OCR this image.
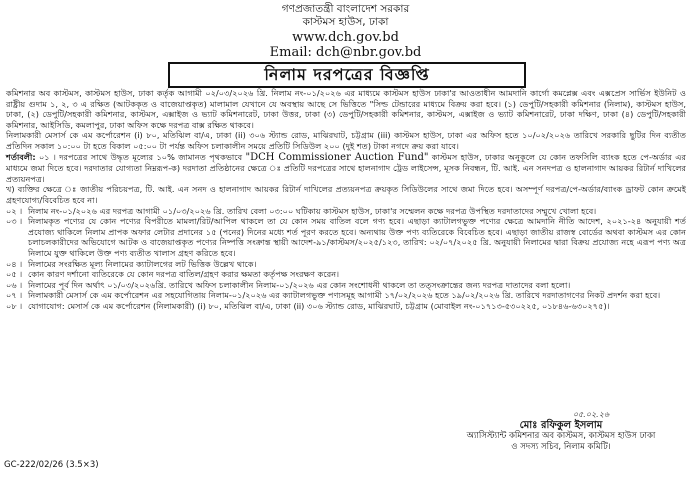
গণপ্রজাতন্ত্রী বাংলাদেশ সরকার
কাস্টমস হাউস, ঢাকা
www.dch.gov.bd
Email: dch@nbr.gov.bd
নিলাম দরপত্রের বিজ্ঞপ্তি

কমিশনার অব কাস্টমস, কাস্টমস হাউস, ঢাকা কর্তৃক আগামী ০২/০৩/২০২৬ খ্রি. নিলাম নং-০১/২০২৬ এর মাধ্যমে কাস্টমস হাউস ঢাকা'র আওতাধীন আমদানি কার্গো কমপ্লেক্স এবং এক্সপ্রেস সার্ভিস ইউনিট ও রাষ্ট্রীয় গুদাম ১, ২, ৩ এ রক্ষিত (আটককৃত ও বাজেয়াপ্তকৃত) মালামাল যেখানে যে অবস্থায় আছে সে ভিত্তিতে "সিল্ড টেন্ডারের মাধ্যমে বিক্রয় করা হবে। (১) ডেপুটি/সহকারী কমিশনার (নিলাম), কাস্টমস হাউস, ঢাকা, (২) ডেপুটি/সহকারী কমিশনার, কাস্টমস, এক্সাইজ ও ভ্যাট কমিশনারেট, ঢাকা উত্তর, ঢাকা (৩) ডেপুটি/সহকারী কমিশনার, কাস্টমস, এক্সাইজ ও ভ্যাট কমিশনারেট, ঢাকা দক্ষিণ, ঢাকা (৪) ডেপুটি/সহকারী কমিশনার, আইসিডি, কমলাপুর, ঢাকা অফিস কক্ষে দরপত্র বাক্স রক্ষিত থাকবে।

নিলামকারী মেসার্স কে এম কর্পোরেশন (i) ৮০, মতিঝিল বা/এ, ঢাকা (ii) ৩০৬ স্ট্যান্ড রোড, মাঝিরঘাট, চট্টগ্রাম (iii) কাস্টমস হাউস, ঢাকা এর অফিস হতে ১০/০২/২০২৬ তারিখে সরকারি ছুটির দিন ব্যতীত প্রতিদিন সকাল ১০:০০ টা হতে বিকাল ০৫:০০ টা পর্যন্ত অফিস চলাকালীন সময়ে প্রতিটি সিডিউল ২০০ (দুই শত) টাকা নগদে ক্রয় করা যাবে।

শর্তাবলী: ০১ । দরপত্রের সাথে উদ্ধৃত মূল্যের ১০% জামানত পৃথকভাবে "DCH Commissioner Auction Fund" কাস্টমস হাউস, ঢাকার অনুকূলে যে কোন তফসিলি ব্যাংক হতে পে-অর্ডার এর মাধ্যমে জমা দিতে হবে। দরদাতার যোগ্যতা নিম্নরূপ-ক) দরদাতা প্রতিষ্ঠানের ক্ষেত্রে ঃ প্রতিটি দরপত্রের সাথে হালনাগাদ ট্রেড লাইসেন্স, মূসক নিবন্ধন, টি. আই. এন সনদপত্র ও হালনাগাদ আয়কর রিটার্ন দাখিলের প্রত্যয়নপত্র।

খ) ব্যক্তির ক্ষেত্রে ঃ জাতীয় পরিচয়পত্র, টি. আই. এন সনদ ও হালনাগাদ আয়কর রিটার্ন দাখিলের প্রত্যয়নপত্র ক্রয়কৃত সিডিউলের সাথে জমা দিতে হবে। অসম্পূর্ণ দরপত্র/পে-অর্ডার/ব্যাংক ড্রাফট কোন ক্রমেই গ্রহণযোগ্য/বিবেচিত হবে না।

০২ । নিলাম নং-০১/২০২৬ এর দরপত্র আগামী ০১/০৩/২০২৬ খ্রি. তারিখ বেলা ০৩:০০ ঘটিকায় কাস্টমস হাউস, ঢাকা'র সম্মেলন কক্ষে দরপত্র উপস্থিত দরদাতাদের সম্মুখে খোলা হবে।
০৩ । নিলামকৃত পণ্যের যে কোন পণ্যের বিপরীতে মামলা/রিট/আপিল থাকলে তা যে কোন সময় বাতিল বলে গণ্য হবে। এছাড়া ক্যাটালগভুক্ত পণ্যের ক্ষেত্রে আমদানি নীতি আদেশ, ২০২১-২৪ অনুযায়ী শর্ত প্রযোজ্য থাকিলে নিলাম প্রাপক অফার লেটার প্রদানের ১৫ (পনের) দিনের মধ্যে শর্ত পূরণ করতে হবে। অন্যথায় উক্ত পণ্য ব্যতিরেকে বিবেচিত হবে। এছাড়া জাতীয় রাজস্ব বোর্ডের অথবা কাস্টমস এর কোন চলাচলকারীদের অভিযোগে আটক ও বাজেয়াপ্তকৃত পণ্যের নিষ্পত্তি সংক্রান্ত স্থায়ী আদেশ-৯১/কাস্টমস/২০২৫/১২৩, তারিখ: ০২/০৭/২০২৫ খ্রি. অনুযায়ী নিলামের দ্বারা বিক্রয় প্রযোজ্য নহে এরূপ পণ্য অত্র নিলামে যুক্ত থাকিলে উক্ত পণ্য ব্যতীত খালাস গ্রহণ করিতে হবে।
০৪ । নিলামের সংরক্ষিত মূল্য নিলামের ক্যাটালগের লট ভিত্তিক উল্লেখ থাকে।
০৫ । কোন কারণ দর্শানো ব্যতিরেকে যে কোন দরপত্র বাতিল/গ্রহণ করার ক্ষমতা কর্তৃপক্ষ সংরক্ষণ করেন।
০৬ । নিলামের পূর্ব দিন অর্থাৎ ০১/০৩/২০২৬খ্রি. তারিখে অফিস চলাকালীন নিলাম-০১/২০২৬ এর কোন সংশোধনী থাকলে তা তত্সংক্রান্তের জন্য দরপত্র দাতাদের বলা হলো।
০৭ । নিলামকারী মেসার্স কে এম কর্পোরেশন এর সহযোগিতায় নিলাম-০১/২০২৬ এর ক্যাটালগভুক্ত পণ্যসমূহ আগামী ১৭/০২/২০২৬ হতে ১৯/০২/২০২৬ খ্রি. তারিখে দরদাতাগণের নিকট প্রদর্শন করা হবে।
০৮ । যোগাযোগ: মেসার্স কে এম কর্পোরেশন (নিলামকারী) (i) ৮০, মতিঝিল বা/এ, ঢাকা (ii) ৩০৬ স্ট্যান্ড রোড, মাঝিরঘাট, চট্টগ্রাম (মোবাইল নং-০১৭১৩-৫৩০২২৫, ০১৮৪৬-৬৩০২৭৫)।
০৫.০২.২৬
মোঃ রফিকুল ইসলাম
অ্যাসিস্ট্যান্ট কমিশনার অব কাস্টমস, কাস্টমস হাউস ঢাকা
ও সদস্য সচিব, নিলাম কমিটি।
GC-222/02/26 (3.5×3)
